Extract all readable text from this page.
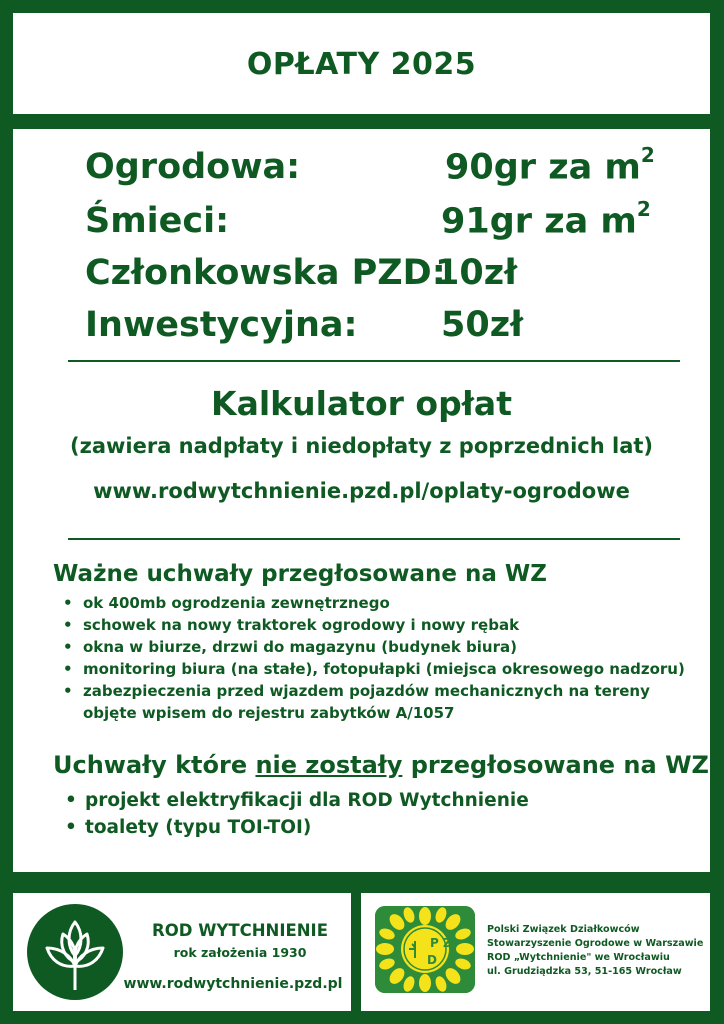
OPŁATY 2025
Ogrodowa:	90gr za $m^2$
Śmieci:	91gr za $m^2$
Członkowska PZD:
10zł
Inwestycyjna: 50zł
Kalkulator opłat
(zawiera nadpłaty i niedopłaty z poprzednich lat)
www.rodwytchnienie.pzd.pl/oplaty-ogrodowe
Ważne uchwały przegłosowane na WZ
• ok 400mb ogrodzenia zewnętrznego
• schowek na nowy traktorek ogrodowy i nowy rębak
• okna w biurze, drzwi do magazynu (budynek biura)
• monitoring biura (na stałe), fotopułapki (miejsca okresowego nadzoru)
• zabezpieczenia przed wjazdem pojazdów mechanicznych na tereny objęte wpisem do rejestru zabytków A/1057
Uchwały które nie zostały przegłosowane na WZ
• projekt elektryfikacji dla ROD Wytchnienie
• toalety (typu TOI-TOI)
ROD WYTCHNIENIE
rok założenia 1930
www.rodwytchnienie.pzd.pl
P Z
D
Polski Związek Działkowców
Stowarzyszenie Ogrodowe w Warszawie
ROD „Wytchnienie" we Wrocławiu
ul. Grudziądzka 53, 51-165 Wrocław
